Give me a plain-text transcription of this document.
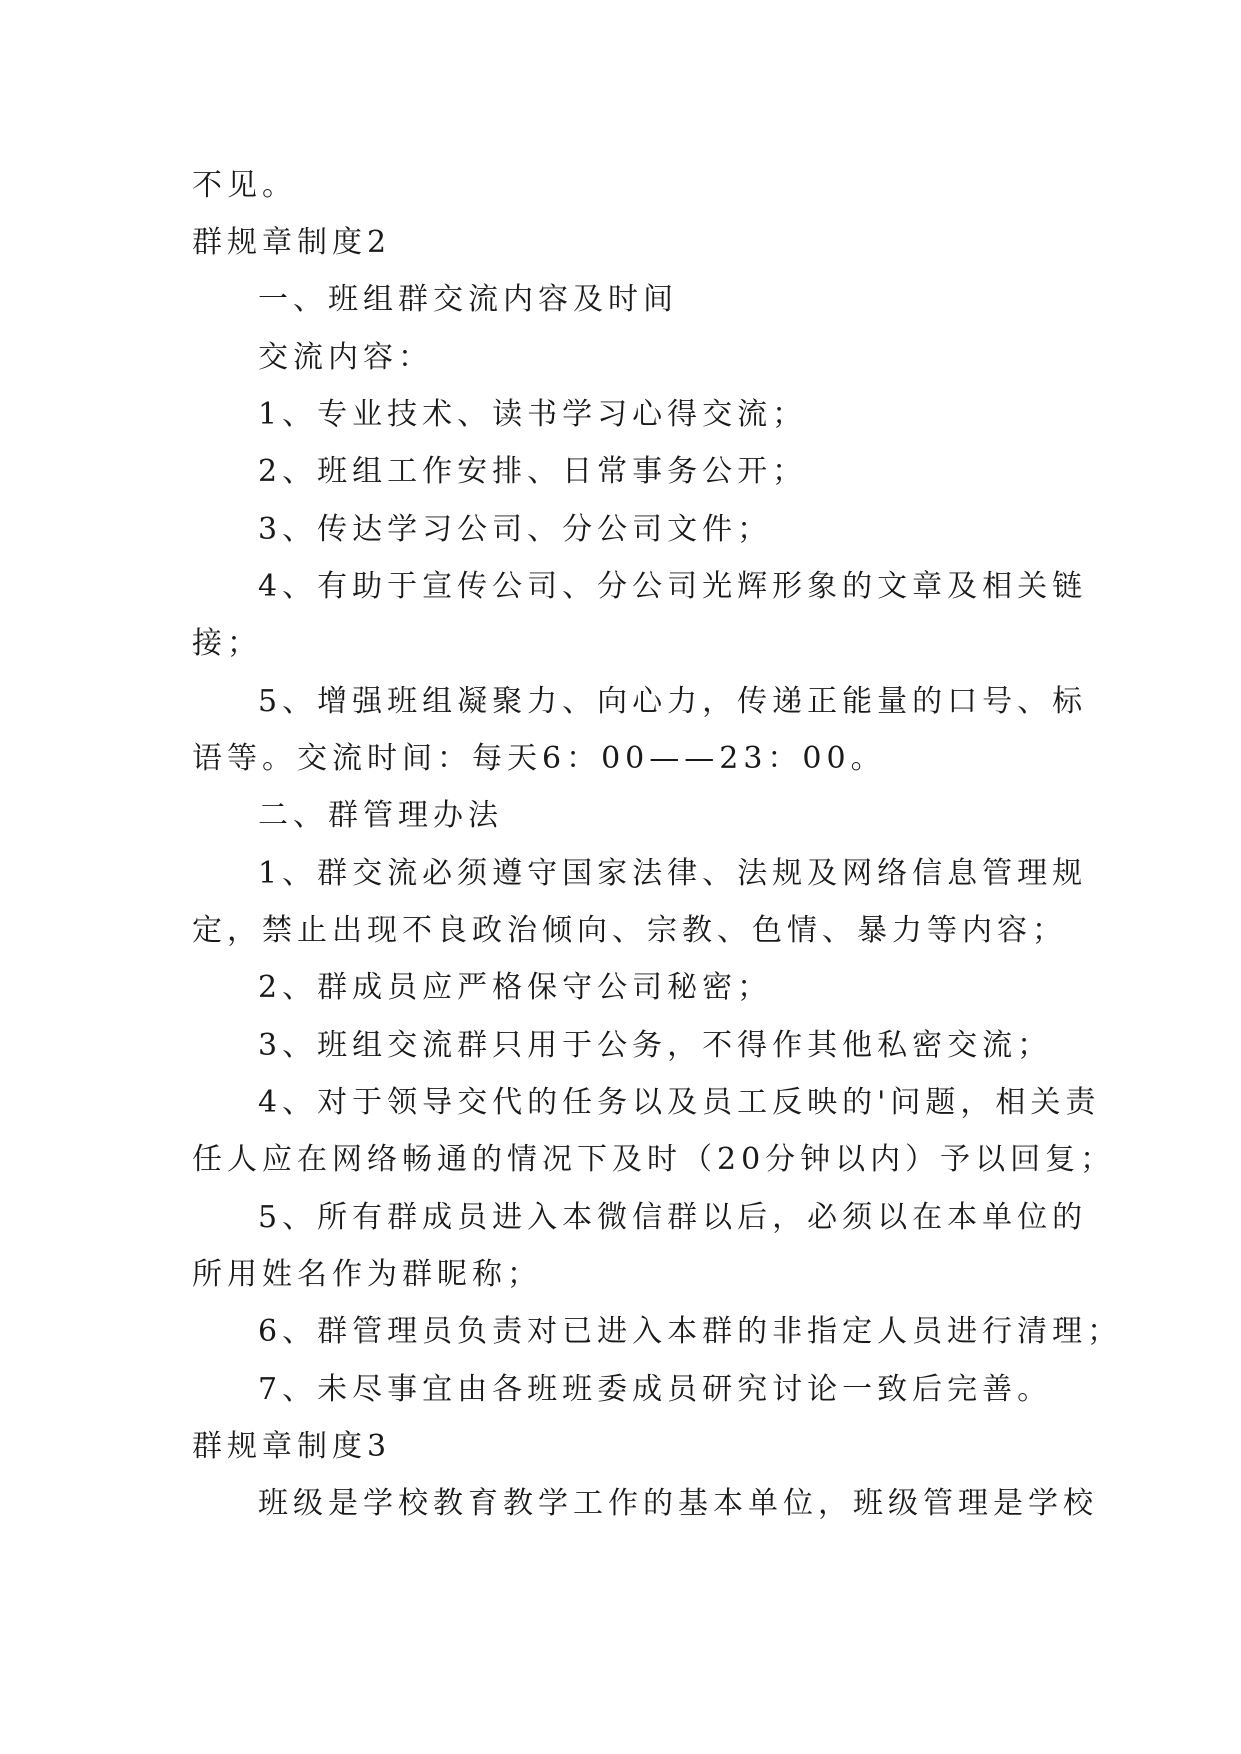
不见。
群规章制度2
一、班组群交流内容及时间
交流内容：
1、专业技术、读书学习心得交流；
2、班组工作安排、日常事务公开；
3、传达学习公司、分公司文件；
4、有助于宣传公司、分公司光辉形象的文章及相关链
接；
5、增强班组凝聚力、向心力，传递正能量的口号、标
语等。交流时间：每天6：00——23：00。
二、群管理办法
1、群交流必须遵守国家法律、法规及网络信息管理规
定，禁止出现不良政治倾向、宗教、色情、暴力等内容；
2、群成员应严格保守公司秘密；
3、班组交流群只用于公务，不得作其他私密交流；
4、对于领导交代的任务以及员工反映的'问题，相关责
任人应在网络畅通的情况下及时（20分钟以内）予以回复；
5、所有群成员进入本微信群以后，必须以在本单位的
所用姓名作为群昵称；
6、群管理员负责对已进入本群的非指定人员进行清理；
7、未尽事宜由各班班委成员研究讨论一致后完善。
群规章制度3
班级是学校教育教学工作的基本单位，班级管理是学校
